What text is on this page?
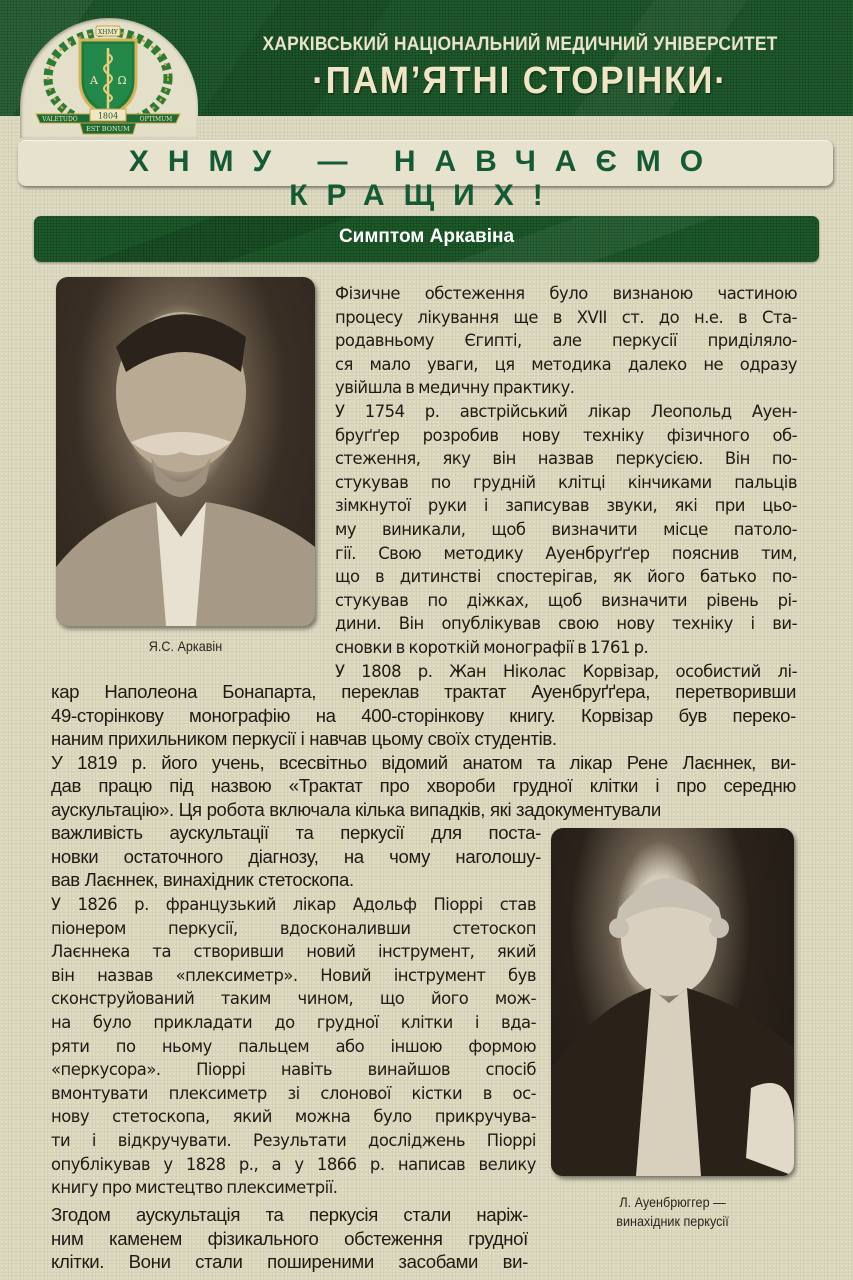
Α Ω
ХНМУ
VALETUDO	OPTIMUM
1804
EST BONUM
ХАРКІВСЬКИЙ НАЦІОНАЛЬНИЙ МЕДИЧНИЙ УНІВЕРСИТЕТ
·ПАМ’ЯТНІ СТОРІНКИ·
ХНМУ — НАВЧАЄМО КРАЩИХ!
Симптом Аркавіна
Я.С. Аркавін
Л. Ауенбрюггер —
винахідник перкусії
Фізичне обстеження було визнаною частиною
процесу лікування ще в XVII ст. до н.е. в Ста-
родавньому Єгипті, але перкусії приділяло-
ся мало уваги, ця методика далеко не одразу
увійшла в медичну практику.
У 1754 р. австрійський лікар Леопольд Ауен-
бруґґер розробив нову техніку фізичного об-
стеження, яку він назвав перкусією. Він по-
стукував по грудній клітці кінчиками пальців
зімкнутої руки і записував звуки, які при цьо-
му виникали, щоб визначити місце патоло-
гії. Свою методику Ауенбруґґер пояснив тим,
що в дитинстві спостерігав, як його батько по-
стукував по діжках, щоб визначити рівень рі-
дини. Він опублікував свою нову техніку і ви-
сновки в короткій монографії в 1761 р.
У 1808 р. Жан Ніколас Корвізар, особистий лі-
кар Наполеона Бонапарта, переклав трактат Ауенбруґґера, перетворивши
49-сторінкову монографію на 400-сторінкову книгу. Корвізар був переко-
наним прихильником перкусії і навчав цьому своїх студентів.
У 1819 р. його учень, всесвітньо відомий анатом та лікар Рене Лаєннек, ви-
дав працю під назвою «Трактат про хвороби грудної клітки і про середню
аускультацію». Ця робота включала кілька випадків, які задокументували
важливість аускультації та перкусії для поста-
новки остаточного діагнозу, на чому наголошу-
вав Лаєннек, винахідник стетоскопа.
У 1826 р. французький лікар Адольф Піоррі став
піонером перкусії, вдосконаливши стетоскоп
Лаєннека та створивши новий інструмент, який
він назвав «плексиметр». Новий інструмент був
сконструйований таким чином, що його мож-
на було прикладати до грудної клітки і вда-
ряти по ньому пальцем або іншою формою
«перкусора». Піоррі навіть винайшов спосіб
вмонтувати плексиметр зі слонової кістки в ос-
нову стетоскопа, який можна було прикручува-
ти і відкручувати. Результати досліджень Піоррі
опублікував у 1828 р., а у 1866 р. написав велику
книгу про мистецтво плексиметрії.
Згодом аускультація та перкусія стали наріж-
ним каменем фізикального обстеження грудної
клітки. Вони стали поширеними засобами ви-
